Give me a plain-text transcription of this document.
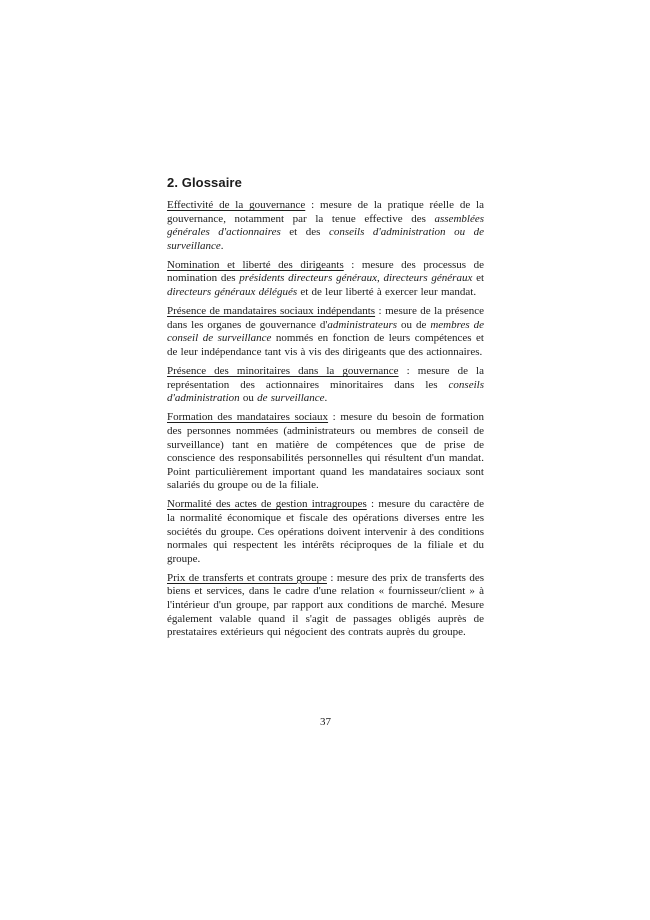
2. Glossaire

Effectivité de la gouvernance : mesure de la pratique réelle de la gouvernance, notamment par la tenue effective des assemblées générales d'actionnaires et des conseils d'administration ou de surveillance.

Nomination et liberté des dirigeants : mesure des processus de nomination des présidents directeurs généraux, directeurs généraux et directeurs généraux délégués et de leur liberté à exercer leur mandat.

Présence de mandataires sociaux indépendants : mesure de la présence dans les organes de gouvernance d'administrateurs ou de membres de conseil de surveillance nommés en fonction de leurs compétences et de leur indépendance tant vis à vis des dirigeants que des actionnaires.

Présence des minoritaires dans la gouvernance : mesure de la représentation des actionnaires minoritaires dans les conseils d'administration ou de surveillance.

Formation des mandataires sociaux : mesure du besoin de formation des personnes nommées (administrateurs ou membres de conseil de surveillance) tant en matière de compétences que de prise de conscience des responsabilités personnelles qui résultent d'un mandat. Point particulièrement important quand les mandataires sociaux sont salariés du groupe ou de la filiale.

Normalité des actes de gestion intragroupes : mesure du caractère de la normalité économique et fiscale des opérations diverses entre les sociétés du groupe. Ces opérations doivent intervenir à des conditions normales qui respectent les intérêts réciproques de la filiale et du groupe.

Prix de transferts et contrats groupe : mesure des prix de transferts des biens et services, dans le cadre d'une relation « fournisseur/client » à l'intérieur d'un groupe, par rapport aux conditions de marché. Mesure également valable quand il s'agit de passages obligés auprès de prestataires extérieurs qui négocient des contrats auprès du groupe.

37
